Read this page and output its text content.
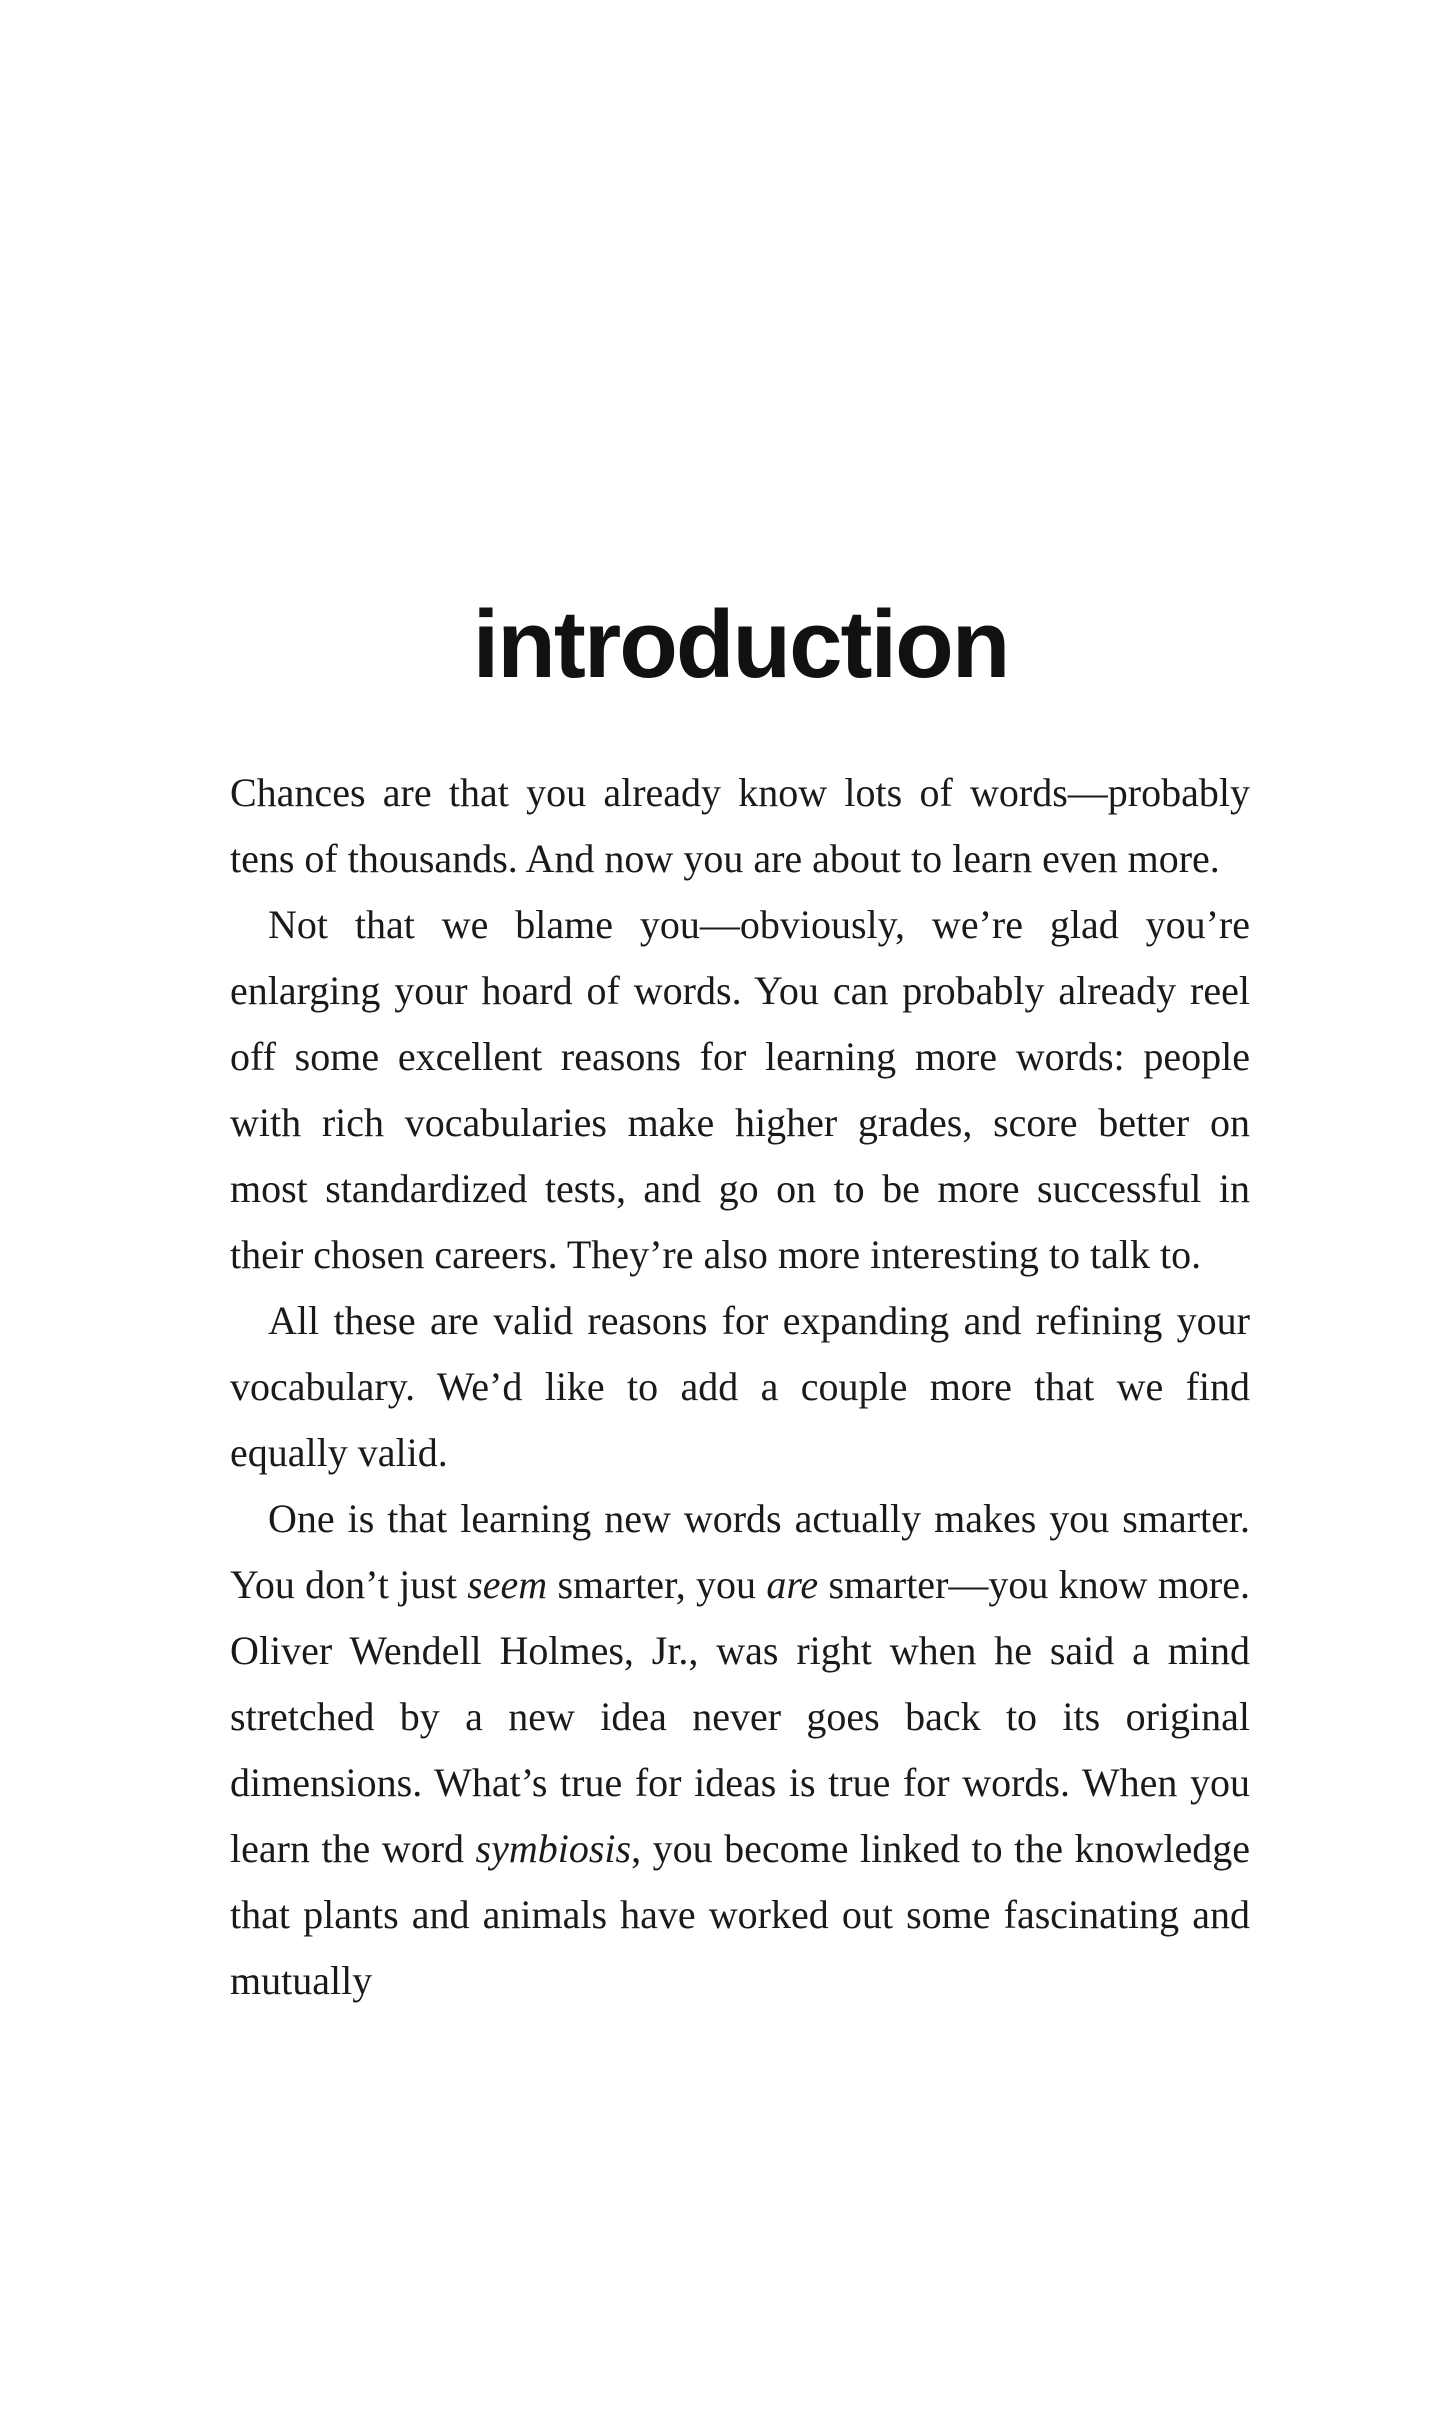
introduction

Chances are that you already know lots of words—probably tens of thousands. And now you are about to learn even more.

Not that we blame you—obviously, we’re glad you’re enlarging your hoard of words. You can probably already reel off some excellent reasons for learning more words: people with rich vocabularies make higher grades, score better on most standardized tests, and go on to be more successful in their chosen careers. They’re also more interesting to talk to.

All these are valid reasons for expanding and refining your vocabulary. We’d like to add a couple more that we find equally valid.

One is that learning new words actually makes you smarter. You don’t just seem smarter, you are smarter—you know more. Oliver Wendell Holmes, Jr., was right when he said a mind stretched by a new idea never goes back to its original dimensions. What’s true for ideas is true for words. When you learn the word symbiosis, you become linked to the knowledge that plants and animals have worked out some fascinating and mutually
